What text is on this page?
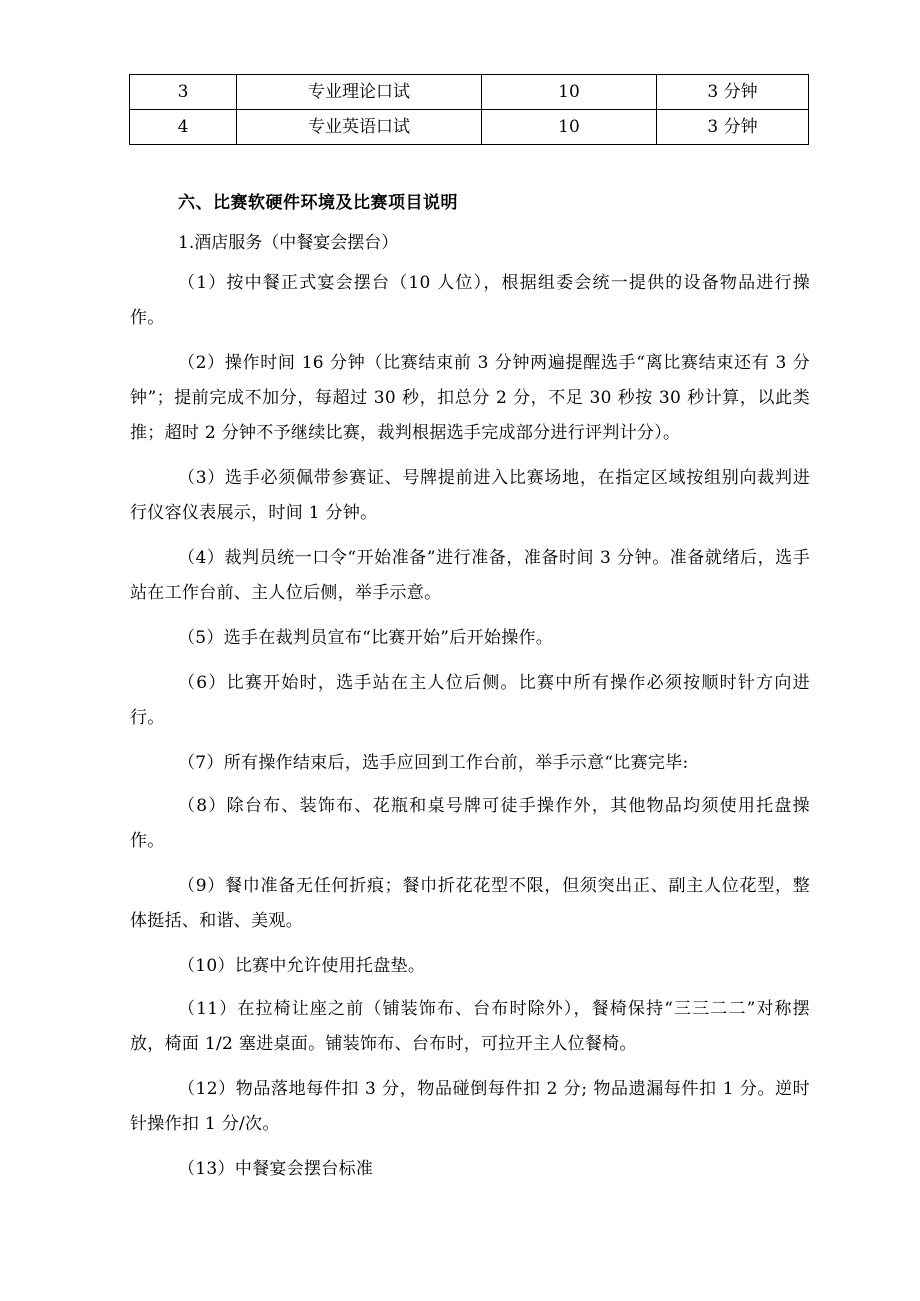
3	专业理论口试	10	3 分钟
4	专业英语口试	10	3 分钟
六、比赛软硬件环境及比赛项目说明
1.酒店服务（中餐宴会摆台）

（1）按中餐正式宴会摆台（10 人位），根据组委会统一提供的设备物品进行操作。

（2）操作时间 16 分钟（比赛结束前 3 分钟两遍提醒选手“离比赛结束还有 3 分钟”；提前完成不加分，每超过 30 秒，扣总分 2 分，不足 30 秒按 30 秒计算，以此类推；超时 2 分钟不予继续比赛，裁判根据选手完成部分进行评判计分）。

（3）选手必须佩带参赛证、号牌提前进入比赛场地，在指定区域按组别向裁判进行仪容仪表展示，时间 1 分钟。

（4）裁判员统一口令“开始准备”进行准备，准备时间 3 分钟。准备就绪后，选手站在工作台前、主人位后侧，举手示意。

（5）选手在裁判员宣布“比赛开始”后开始操作。

（6）比赛开始时，选手站在主人位后侧。比赛中所有操作必须按顺时针方向进行。

（7）所有操作结束后，选手应回到工作台前，举手示意“比赛完毕:

（8）除台布、装饰布、花瓶和桌号牌可徒手操作外，其他物品均须使用托盘操作。

（9）餐巾准备无任何折痕；餐巾折花花型不限，但须突出正、副主人位花型，整体挺括、和谐、美观。

（10）比赛中允许使用托盘垫。

（11）在拉椅让座之前（铺装饰布、台布时除外），餐椅保持“三三二二”对称摆放，椅面 1/2 塞进桌面。铺装饰布、台布时，可拉开主人位餐椅。

（12）物品落地每件扣 3 分，物品碰倒每件扣 2 分; 物品遗漏每件扣 1 分。逆时针操作扣 1 分/次。

（13）中餐宴会摆台标准
